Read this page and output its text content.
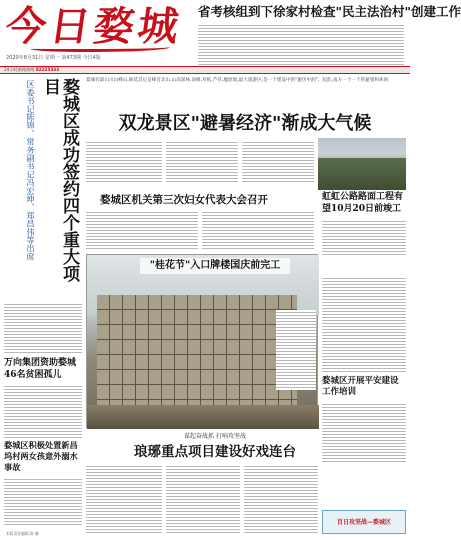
今日婺城
2020年8月31日 星期一 第473期 今日4版
省考核组到下徐家村检查"民主法治村"创建工作
24小时新闻热线 82225333
婺城区成功签约四个重大项目
区委书记陈锦、常务副书记冯宏坤、郑昌伟等出席	婺城有最山川山峰山,绵延其后是峰首北山,山高深林,南峰,草纸,芦草,魔原地,最大旅游区,是一个建设中的"避伏中洞"。起此,南方一个一个的避暑和休闲
双龙景区"避暑经济"渐成大气候
婺城区机关第三次妇女代表大会召开	虹虹公路路面工程有望10月20日前竣工
"桂花节"入口牌楼国庆前完工
万向集团资助婺城46名贫困孤儿
婺城区积极处置新昌坞村两女孩意外溺水事故
婺城区开展平安建设工作培训
谋起奋战抓 打响攻坚战
琅琊重点项目建设好戏连台
百日攻坚战—婺城区
本版责任编辑 陈 琳
